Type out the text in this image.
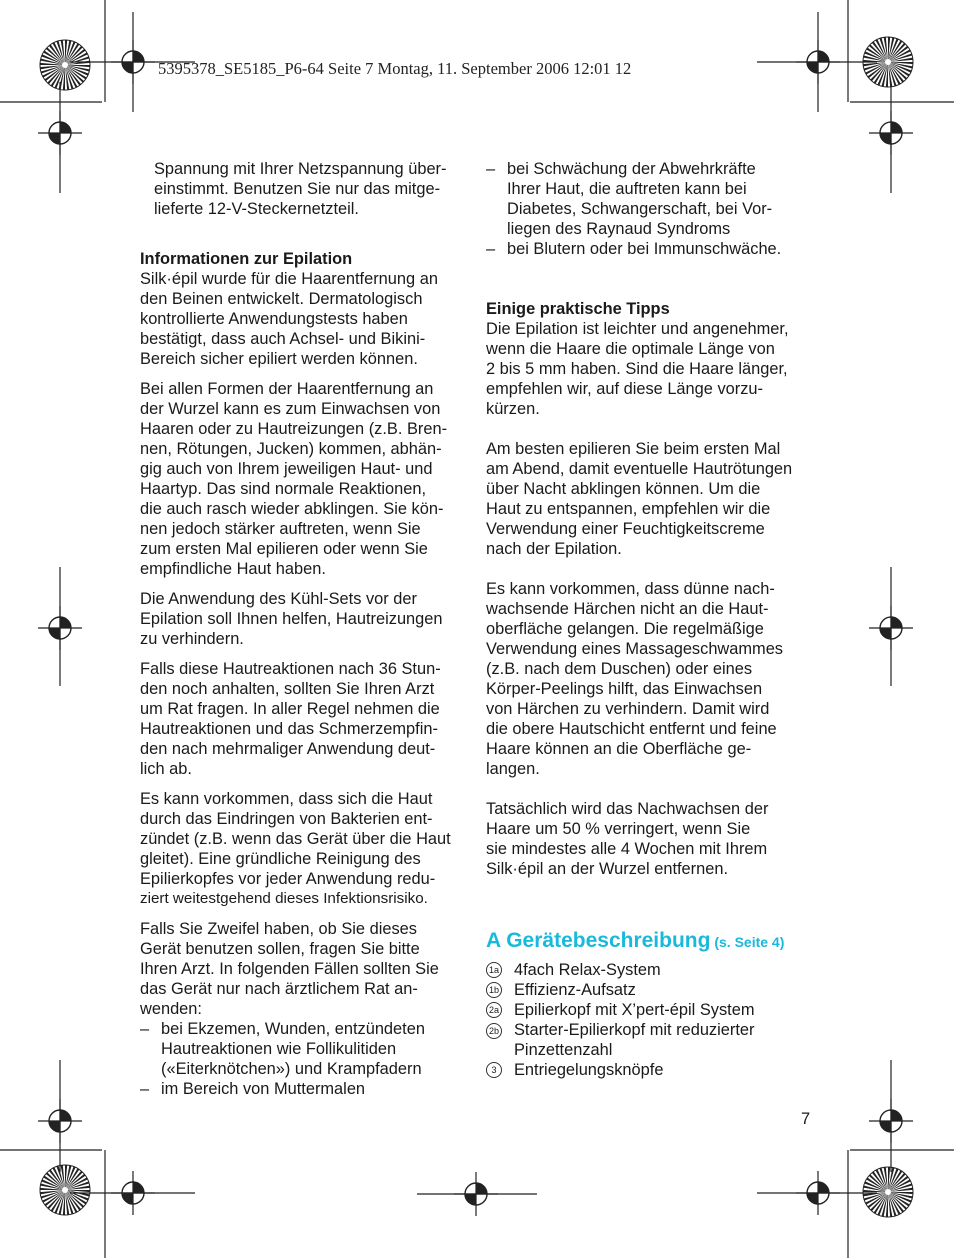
5395378_SE5185_P6-64 Seite 7 Montag, 11. September 2006 12:01 12

Spannung mit Ihrer Netzspannung über-

einstimmt. Benutzen Sie nur das mitge-

lieferte 12-V-Steckernetzteil.

Informationen zur Epilation

Silk·épil wurde für die Haarentfernung an

den Beinen entwickelt. Dermatologisch

kontrollierte Anwendungstests haben

bestätigt, dass auch Achsel- und Bikini-

Bereich sicher epiliert werden können.

Bei allen Formen der Haarentfernung an

der Wurzel kann es zum Einwachsen von

Haaren oder zu Hautreizungen (z.B. Bren-

nen, Rötungen, Jucken) kommen, abhän-

gig auch von Ihrem jeweiligen Haut- und

Haartyp. Das sind normale Reaktionen,

die auch rasch wieder abklingen. Sie kön-

nen jedoch stärker auftreten, wenn Sie

zum ersten Mal epilieren oder wenn Sie

empfindliche Haut haben.

Die Anwendung des Kühl-Sets vor der

Epilation soll Ihnen helfen, Hautreizungen

zu verhindern.

Falls diese Hautreaktionen nach 36 Stun-

den noch anhalten, sollten Sie Ihren Arzt

um Rat fragen. In aller Regel nehmen die

Hautreaktionen und das Schmerzempfin-

den nach mehrmaliger Anwendung deut-

lich ab.

Es kann vorkommen, dass sich die Haut

durch das Eindringen von Bakterien ent-

zündet (z.B. wenn das Gerät über die Haut

gleitet). Eine gründliche Reinigung des

Epilierkopfes vor jeder Anwendung redu-

ziert weitestgehend dieses Infektionsrisiko.

Falls Sie Zweifel haben, ob Sie dieses

Gerät benutzen sollen, fragen Sie bitte

Ihren Arzt. In folgenden Fällen sollten Sie

das Gerät nur nach ärztlichem Rat an-

wenden:

– bei Ekzemen, Wunden, entzündeten

Hautreaktionen wie Follikulitiden

(«Eiterknötchen») und Krampfadern

– im Bereich von Muttermalen

– bei Schwächung der Abwehrkräfte

Ihrer Haut, die auftreten kann bei

Diabetes, Schwangerschaft, bei Vor-

liegen des Raynaud Syndroms

– bei Blutern oder bei Immunschwäche.

Einige praktische Tipps

Die Epilation ist leichter und angenehmer,

wenn die Haare die optimale Länge von

2 bis 5 mm haben. Sind die Haare länger,

empfehlen wir, auf diese Länge vorzu-

kürzen.

Am besten epilieren Sie beim ersten Mal

am Abend, damit eventuelle Hautrötungen

über Nacht abklingen können. Um die

Haut zu entspannen, empfehlen wir die

Verwendung einer Feuchtigkeitscreme

nach der Epilation.

Es kann vorkommen, dass dünne nach-

wachsende Härchen nicht an die Haut-

oberfläche gelangen. Die regelmäßige

Verwendung eines Massageschwammes

(z.B. nach dem Duschen) oder eines

Körper-Peelings hilft, das Einwachsen

von Härchen zu verhindern. Damit wird

die obere Hautschicht entfernt und feine

Haare können an die Oberfläche ge-

langen.

Tatsächlich wird das Nachwachsen der

Haare um 50 % verringert, wenn Sie

sie mindestes alle 4 Wochen mit Ihrem

Silk·épil an der Wurzel entfernen.

A Gerätebeschreibung (s. Seite 4)

1a 4fach Relax-System
1b Effizienz-Aufsatz
2a Epilierkopf mit X’pert-épil System
2b Starter-Epilierkopf mit reduzierter

Pinzettenzahl

3	Entriegelungsknöpfe
7
